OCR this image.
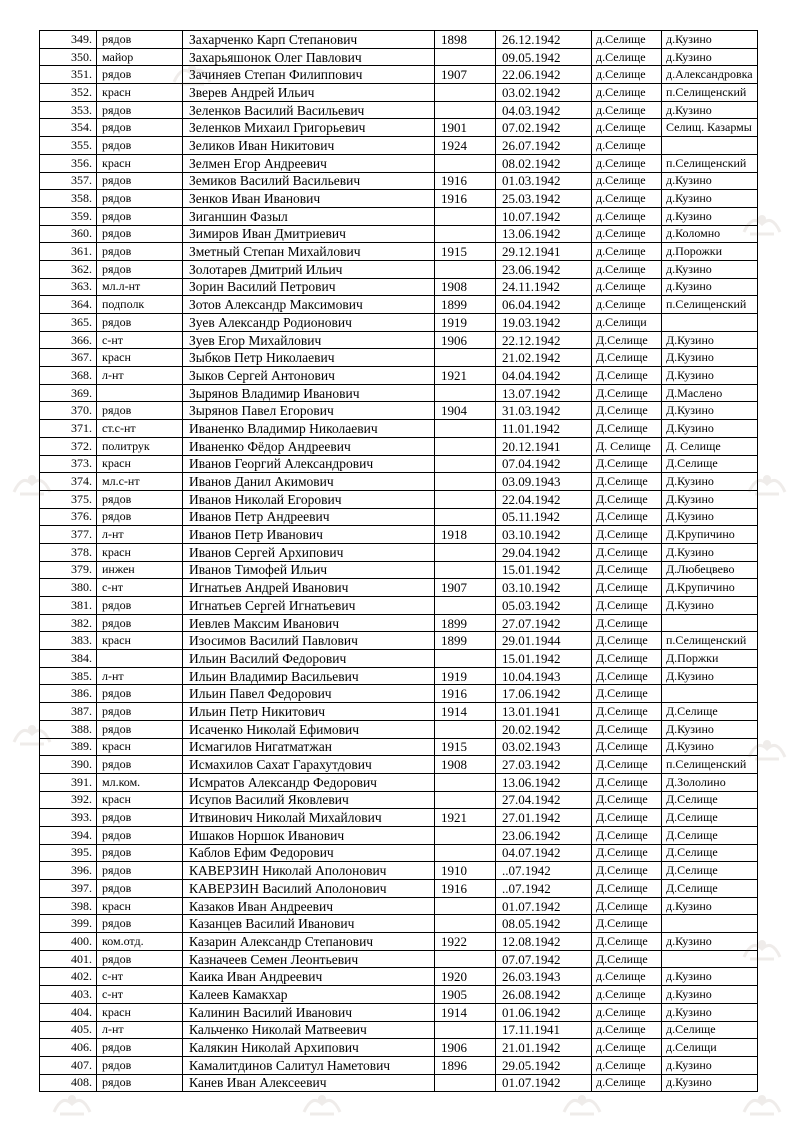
349.	рядов	Захарченко Карп Степанович	1898	26.12.1942	д.Селище	д.Кузино
350.	майор	Захарьяшонок Олег Павлович		09.05.1942	д.Селище	д.Кузино
351.	рядов	Зачиняев Степан Филиппович	1907	22.06.1942	д.Селище	д.Александровка
352.	красн	Зверев Андрей Ильич		03.02.1942	д.Селище	п.Селищенский
353.	рядов	Зеленков Василий Васильевич		04.03.1942	д.Селище	д.Кузино
354.	рядов	Зеленков Михаил Григорьевич	1901	07.02.1942	д.Селище	Селищ. Казармы
355.	рядов	Зеликов Иван Никитович	1924	26.07.1942	д.Селище	
356.	красн	Зелмен Егор Андреевич		08.02.1942	д.Селище	п.Селищенский
357.	рядов	Земиков Василий Васильевич	1916	01.03.1942	д.Селище	д.Кузино
358.	рядов	Зенков Иван Иванович	1916	25.03.1942	д.Селище	д.Кузино
359.	рядов	Зиганшин Фазыл		10.07.1942	д.Селище	д.Кузино
360.	рядов	Зимиров Иван Дмитриевич		13.06.1942	д.Селище	д.Коломно
361.	рядов	Зметный Степан Михайлович	1915	29.12.1941	д.Селище	д.Порожки
362.	рядов	Золотарев Дмитрий Ильич		23.06.1942	д.Селище	д.Кузино
363.	мл.л-нт	Зорин Василий Петрович	1908	24.11.1942	д.Селище	д.Кузино
364.	подполк	Зотов Александр Максимович	1899	06.04.1942	д.Селище	п.Селищенский
365.	рядов	Зуев Александр Родионович	1919	19.03.1942	д.Селищи	
366.	с-нт	Зуев Егор Михайлович	1906	22.12.1942	Д.Селище	Д.Кузино
367.	красн	Зыбков Петр Николаевич		21.02.1942	Д.Селище	Д.Кузино
368.	л-нт	Зыков Сергей Антонович	1921	04.04.1942	Д.Селище	Д.Кузино
369.		Зырянов Владимир Иванович		13.07.1942	Д.Селище	Д.Маслено
370.	рядов	Зырянов Павел Егорович	1904	31.03.1942	Д.Селище	Д.Кузино
371.	ст.с-нт	Иваненко Владимир Николаевич		11.01.1942	Д.Селище	Д.Кузино
372.	политрук	Иваненко Фёдор Андреевич		20.12.1941	Д. Селище	Д. Селище
373.	красн	Иванов Георгий Александрович		07.04.1942	Д.Селище	Д.Селище
374.	мл.с-нт	Иванов Данил Акимович		03.09.1943	Д.Селище	Д.Кузино
375.	рядов	Иванов Николай Егорович		22.04.1942	Д.Селище	Д.Кузино
376.	рядов	Иванов Петр Андреевич		05.11.1942	Д.Селище	Д.Кузино
377.	л-нт	Иванов Петр Иванович	1918	03.10.1942	Д.Селище	Д.Крупичино
378.	красн	Иванов Сергей Архипович		29.04.1942	Д.Селище	Д.Кузино
379.	инжен	Иванов Тимофей Ильич		15.01.1942	Д.Селище	Д.Любецвево
380.	с-нт	Игнатьев Андрей Иванович	1907	03.10.1942	Д.Селище	Д.Крупичино
381.	рядов	Игнатьев Сергей Игнатьевич		05.03.1942	Д.Селище	Д.Кузино
382.	рядов	Иевлев Максим Иванович	1899	27.07.1942	Д.Селище	
383.	красн	Изосимов Василий Павлович	1899	29.01.1944	Д.Селище	п.Селищенский
384.		Ильин Василий Федорович		15.01.1942	Д.Селище	Д.Поржки
385.	л-нт	Ильин Владимир Васильевич	1919	10.04.1943	Д.Селище	Д.Кузино
386.	рядов	Ильин Павел Федорович	1916	17.06.1942	Д.Селище	
387.	рядов	Ильин Петр Никитович	1914	13.01.1941	Д.Селище	Д.Селище
388.	рядов	Исаченко Николай Ефимович		20.02.1942	Д.Селище	Д.Кузино
389.	красн	Исмагилов Нигатматжан	1915	03.02.1943	Д.Селище	Д.Кузино
390.	рядов	Исмахилов Сахат Гарахутдович	1908	27.03.1942	Д.Селище	п.Селищенский
391.	мл.ком.	Исмратов Александр Федорович		13.06.1942	Д.Селище	Д.Зололино
392.	красн	Исупов Василий Яковлевич		27.04.1942	Д.Селище	Д.Селище
393.	рядов	Итвинович Николай Михайлович	1921	27.01.1942	Д.Селище	Д.Селище
394.	рядов	Ишаков Норшок Иванович		23.06.1942	Д.Селище	Д.Селище
395.	рядов	Каблов Ефим Федорович		04.07.1942	Д.Селище	Д.Селище
396.	рядов	КАВЕРЗИН Николай Аполонович	1910	..07.1942	Д.Селище	Д.Селище
397.	рядов	КАВЕРЗИН Василий Аполонович	1916	..07.1942	Д.Селище	Д.Селище
398.	красн	Казаков Иван Андреевич		01.07.1942	Д.Селище	д.Кузино
399.	рядов	Казанцев Василий Иванович		08.05.1942	Д.Селище	
400.	ком.отд.	Казарин Александр Степанович	1922	12.08.1942	Д.Селище	д.Кузино
401.	рядов	Казначеев Семен Леонтьевич		07.07.1942	Д.Селище	
402.	с-нт	Каика Иван Андреевич	1920	26.03.1943	д.Селище	д.Кузино
403.	с-нт	Калеев Камакхар	1905	26.08.1942	д.Селище	д.Кузино
404.	красн	Калинин Василий Иванович	1914	01.06.1942	д.Селище	д.Кузино
405.	л-нт	Кальченко Николай Матвеевич		17.11.1941	д.Селище	д.Селище
406.	рядов	Калякин Николай Архипович	1906	21.01.1942	д.Селище	д.Селищи
407.	рядов	Камалитдинов Салитул Наметович	1896	29.05.1942	д.Селище	д.Кузино
408.	рядов	Канев Иван Алексеевич		01.07.1942	д.Селище	д.Кузино
